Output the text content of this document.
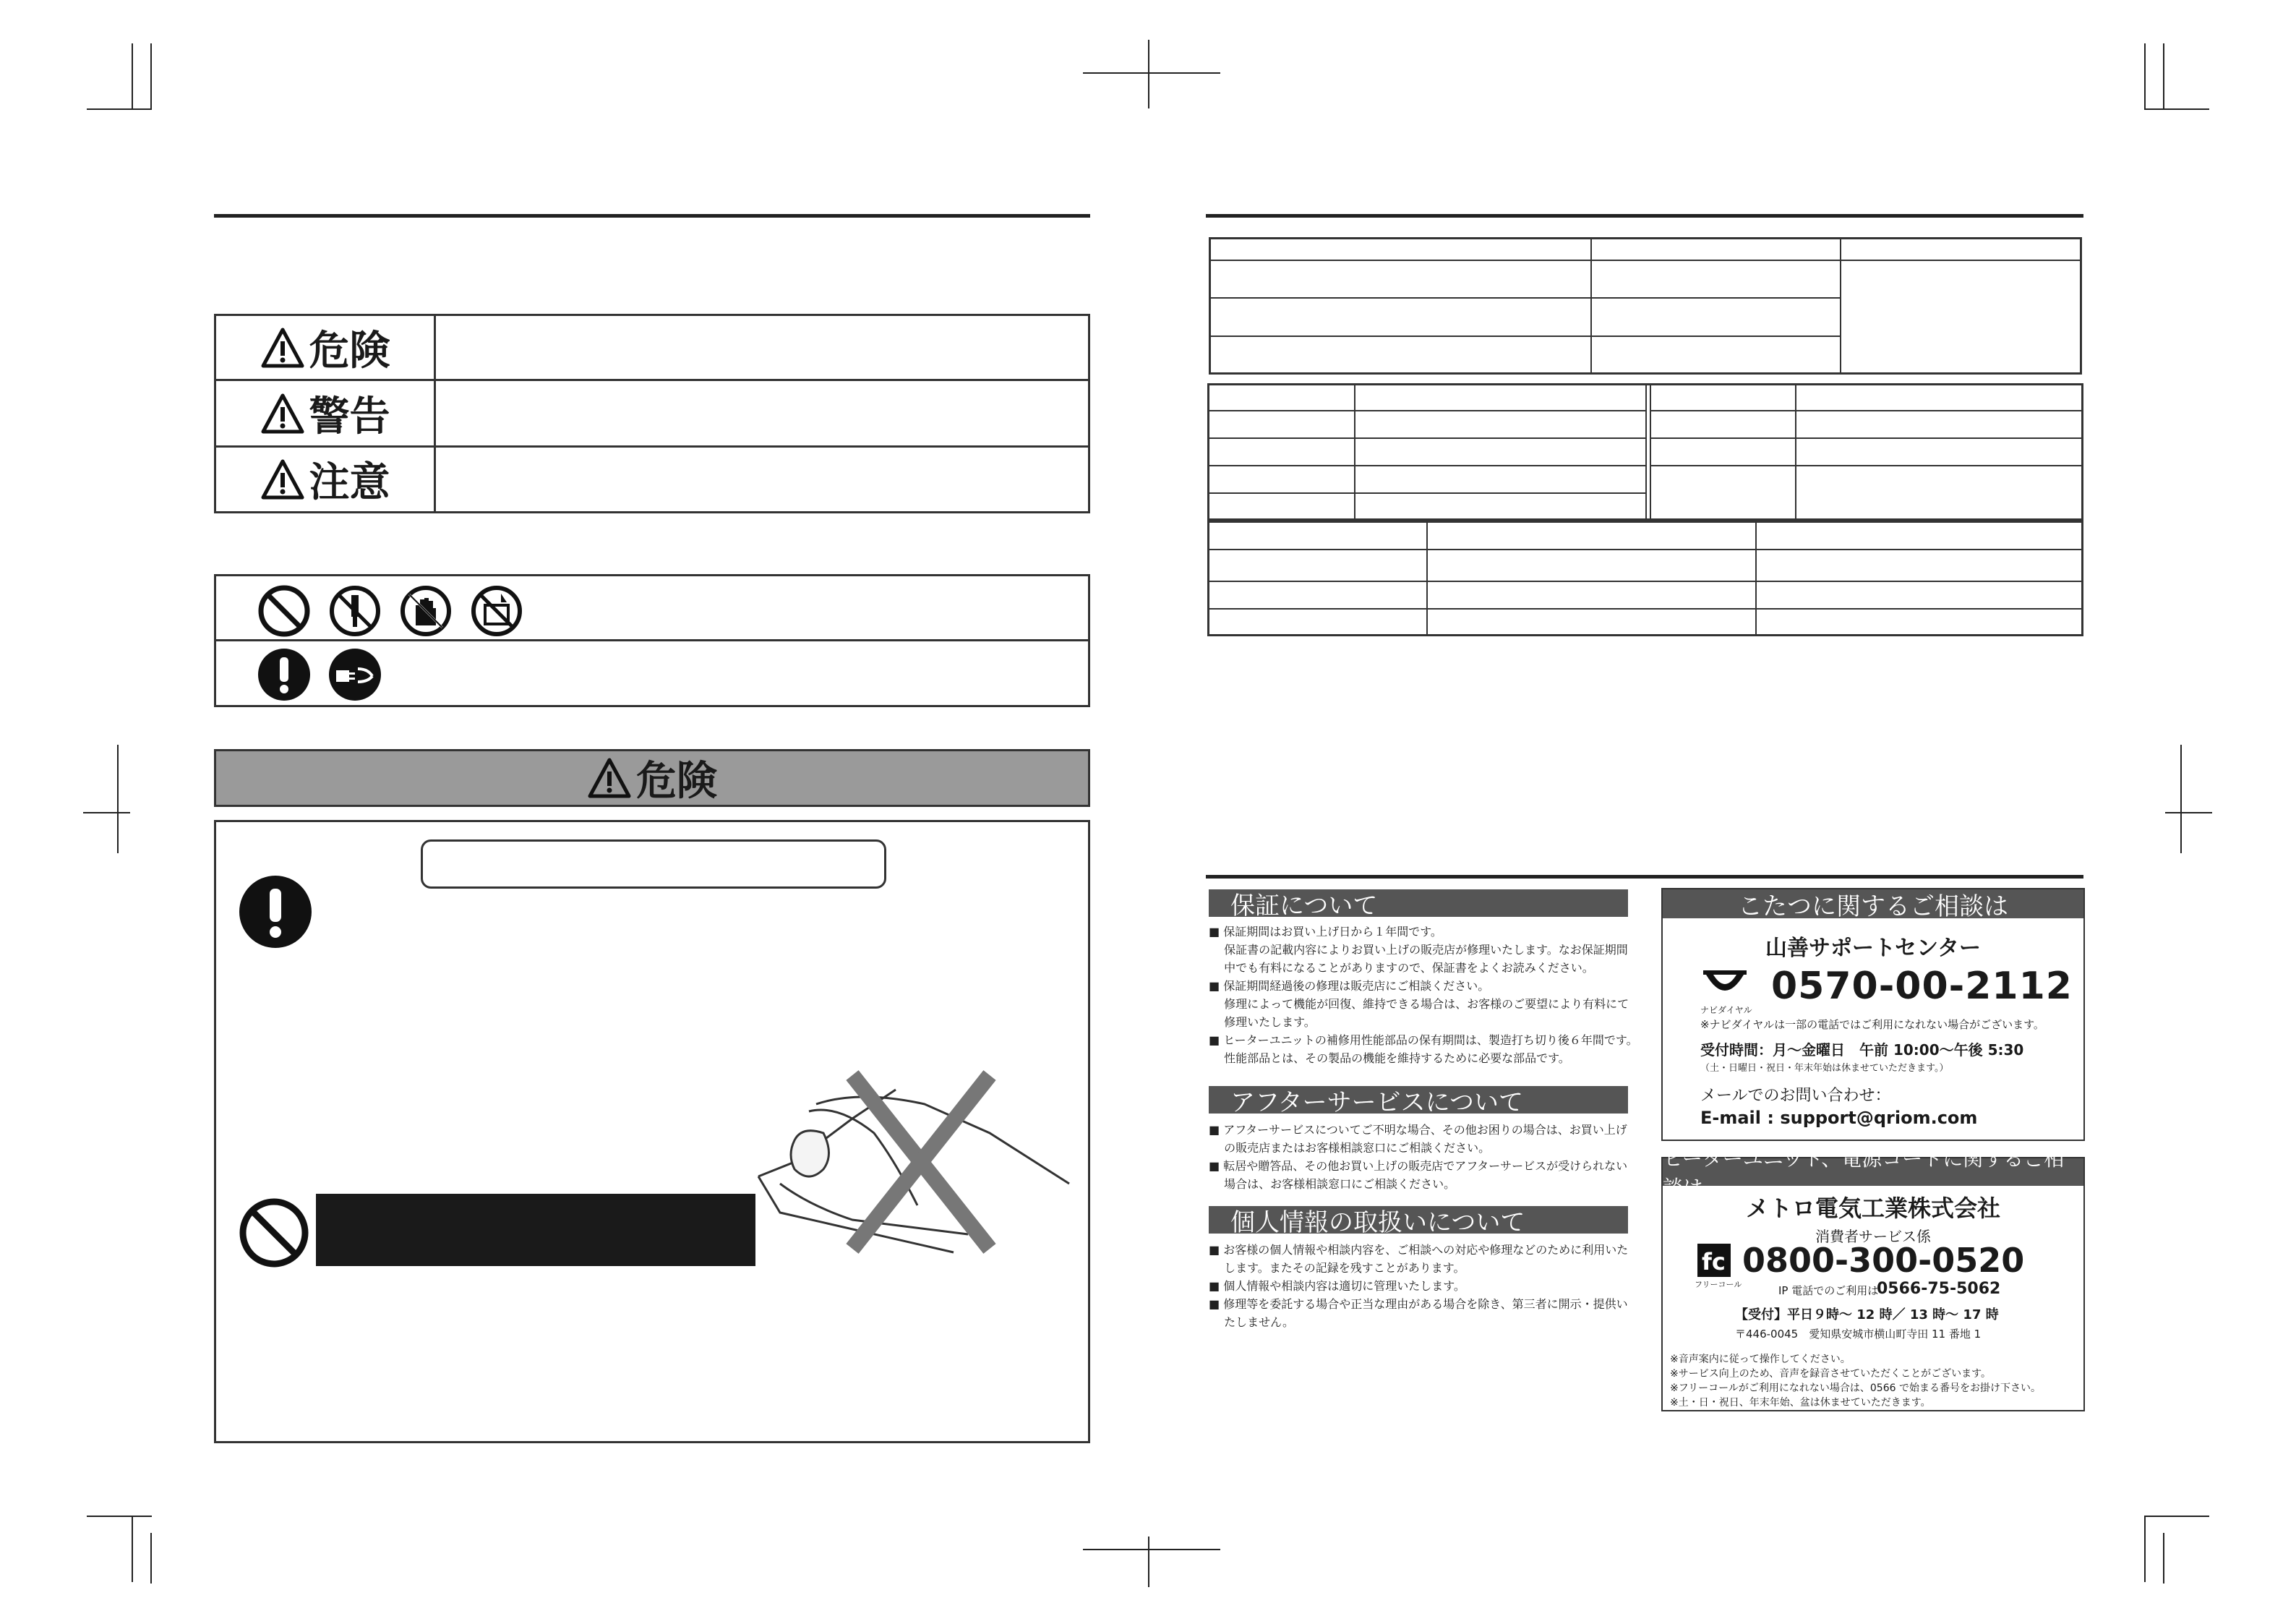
危険
警告
注意
危険
保証について
■ 保証期間はお買い上げ日から１年間です。
　 保証書の記載内容によりお買い上げの販売店が修理いたします。なお保証期間
　 中でも有料になることがありますので、保証書をよくお読みください。
■ 保証期間経過後の修理は販売店にご相談ください。
　 修理によって機能が回復、維持できる場合は、お客様のご要望により有料にて
　 修理いたします。
■ ヒーターユニットの補修用性能部品の保有期間は、製造打ち切り後６年間です。
　 性能部品とは、その製品の機能を維持するために必要な部品です。
アフターサービスについて
■ アフターサービスについてご不明な場合、その他お困りの場合は、お買い上げ
　 の販売店またはお客様相談窓口にご相談ください。
■ 転居や贈答品、その他お買い上げの販売店でアフターサービスが受けられない
　 場合は、お客様相談窓口にご相談ください。
個人情報の取扱いについて
■ お客様の個人情報や相談内容を、ご相談への対応や修理などのために利用いた
　 します。またその記録を残すことがあります。
■ 個人情報や相談内容は適切に管理いたします。
■ 修理等を委託する場合や正当な理由がある場合を除き、第三者に開示・提供い
　 たしません。
こたつに関するご相談は
山善サポートセンター
ナビダイヤル
0570-00-2112
※ナビダイヤルは一部の電話ではご利用になれない場合がございます。
受付時間：月〜金曜日　午前 10:00〜午後 5:30
（土・日曜日・祝日・年末年始は休ませていただきます。）
メールでのお問い合わせ：
E-mail : support@qriom.com
ヒーターユニット、電源コードに関するご相談は
メトロ電気工業株式会社
消費者サービス係
fc
フリーコール
0800-300-0520
IP 電話でのご利用は
0566-75-5062
【受付】平日９時〜 12 時／ 13 時〜 17 時
〒446-0045　愛知県安城市横山町寺田 11 番地 1
※音声案内に従って操作してください。
※サービス向上のため、音声を録音させていただくことがございます。
※フリーコールがご利用になれない場合は、0566 で始まる番号をお掛け下さい。
※土・日・祝日、年末年始、盆は休ませていただきます。
